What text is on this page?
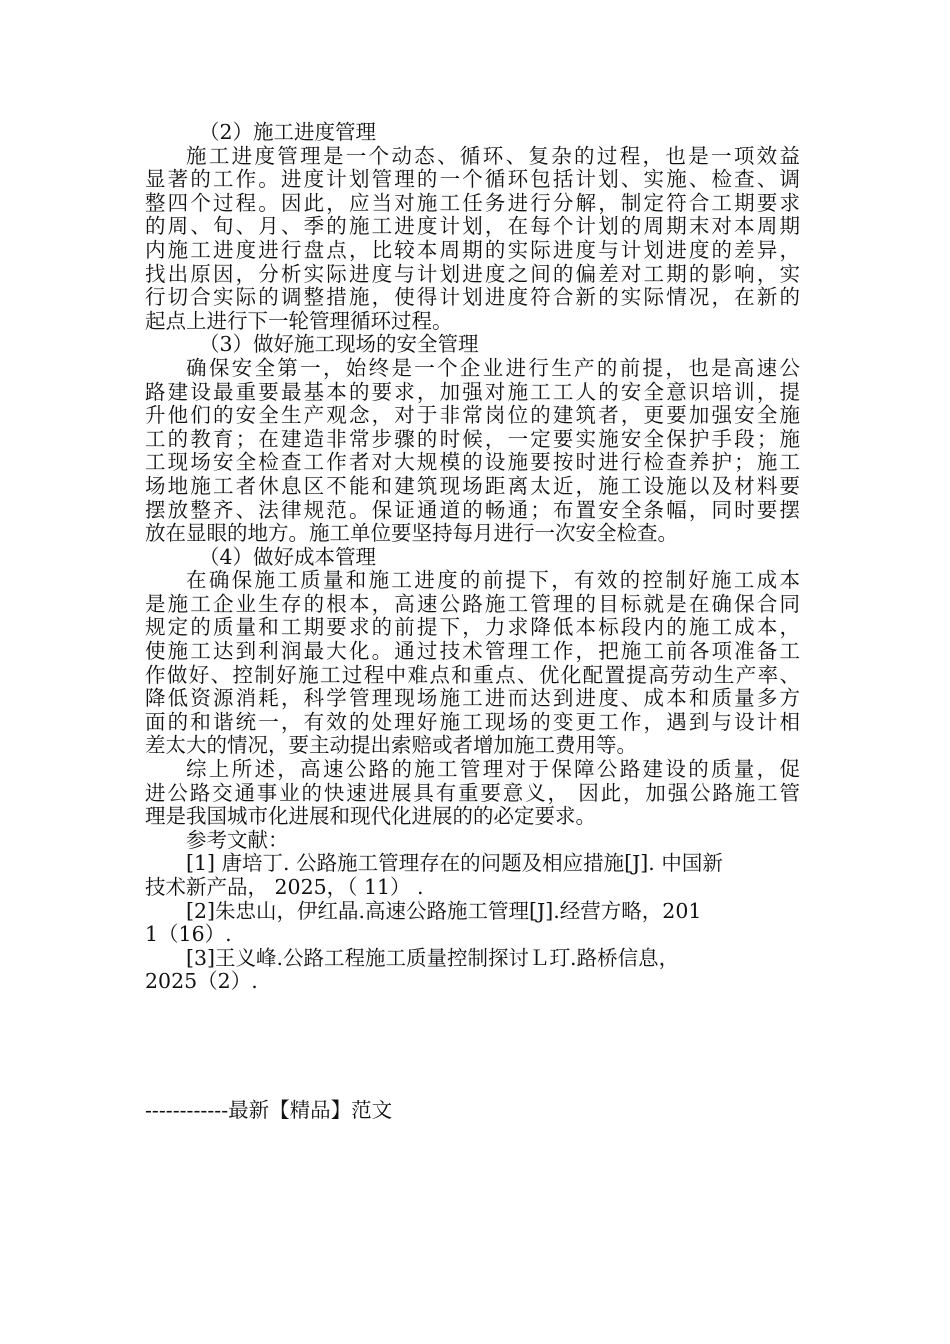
（2）施工进度管理
施工进度管理是一个动态、循环、复杂的过程，也是一项效益
显著的工作。进度计划管理的一个循环包括计划、实施、检查、调
整四个过程。因此，应当对施工任务进行分解，制定符合工期要求
的周、旬、月、季的施工进度计划，在每个计划的周期末对本周期
内施工进度进行盘点，比较本周期的实际进度与计划进度的差异，
找出原因，分析实际进度与计划进度之间的偏差对工期的影响，实
行切合实际的调整措施，使得计划进度符合新的实际情况，在新的
起点上进行下一轮管理循环过程。
（3）做好施工现场的安全管理
确保安全第一，始终是一个企业进行生产的前提，也是高速公
路建设最重要最基本的要求，加强对施工工人的安全意识培训，提
升他们的安全生产观念，对于非常岗位的建筑者，更要加强安全施
工的教育；在建造非常步骤的时候，一定要实施安全保护手段；施
工现场安全检查工作者对大规模的设施要按时进行检查养护；施工
场地施工者休息区不能和建筑现场距离太近，施工设施以及材料要
摆放整齐、法律规范。保证通道的畅通；布置安全条幅，同时要摆
放在显眼的地方。施工单位要坚持每月进行一次安全检查。
（4）做好成本管理
在确保施工质量和施工进度的前提下，有效的控制好施工成本
是施工企业生存的根本，高速公路施工管理的目标就是在确保合同
规定的质量和工期要求的前提下，力求降低本标段内的施工成本，
使施工达到利润最大化。通过技术管理工作，把施工前各项准备工
作做好、控制好施工过程中难点和重点、优化配置提高劳动生产率、
降低资源消耗，科学管理现场施工进而达到进度、成本和质量多方
面的和谐统一，有效的处理好施工现场的变更工作，遇到与设计相
差太大的情况，要主动提出索赔或者增加施工费用等。
综上所述，高速公路的施工管理对于保障公路建设的质量，促
进公路交通事业的快速进展具有重要意义， 因此，加强公路施工管
理是我国城市化进展和现代化进展的的必定要求。
参考文献：
[1] 唐培丁. 公路施工管理存在的问题及相应措施[J]. 中国新
技术新产品， 2025，（ 11） .
[2]朱忠山，伊红晶.高速公路施工管理[J].经营方略，201
1（16）.
[3]王义峰.公路工程施工质量控制探讨Ｌ玎.路桥信息，
2025（2）.
------------最新【精品】范文
